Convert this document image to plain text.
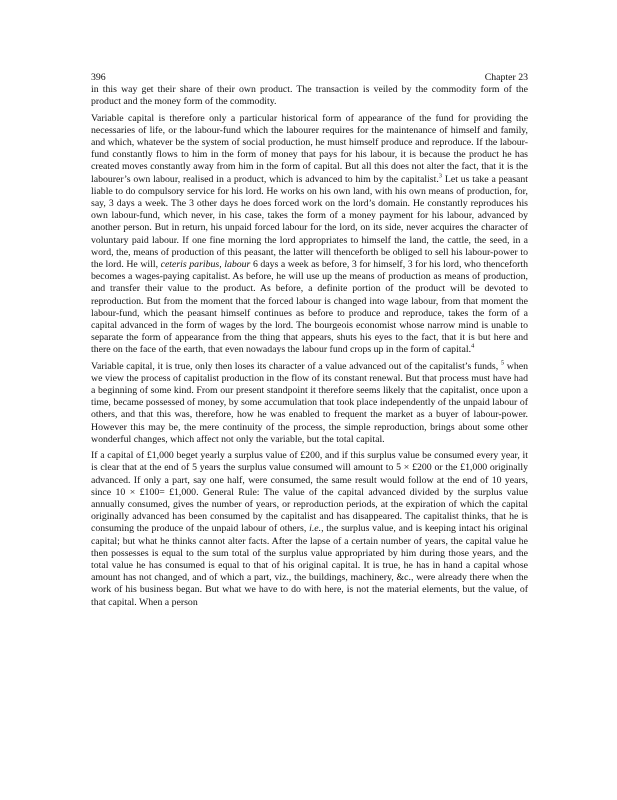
396	Chapter 23

in this way get their share of their own product. The transaction is veiled by the commodity form of the product and the money form of the commodity.

Variable capital is therefore only a particular historical form of appearance of the fund for providing the necessaries of life, or the labour-fund which the labourer requires for the maintenance of himself and family, and which, whatever be the system of social production, he must himself produce and reproduce. If the labour-fund constantly flows to him in the form of money that pays for his labour, it is because the product he has created moves constantly away from him in the form of capital. But all this does not alter the fact, that it is the labourer’s own labour, realised in a product, which is advanced to him by the capitalist.$^3$ Let us take a peasant liable to do compulsory service for his lord. He works on his own land, with his own means of production, for, say, 3 days a week. The 3 other days he does forced work on the lord’s domain. He constantly reproduces his own labour-fund, which never, in his case, takes the form of a money payment for his labour, advanced by another person. But in return, his unpaid forced labour for the lord, on its side, never acquires the character of voluntary paid labour. If one fine morning the lord appropriates to himself the land, the cattle, the seed, in a word, the, means of production of this peasant, the latter will thenceforth be obliged to sell his labour-power to the lord. He will, ceteris paribus, labour 6 days a week as before, 3 for himself, 3 for his lord, who thenceforth becomes a wages-paying capitalist. As before, he will use up the means of production as means of production, and transfer their value to the product. As before, a definite portion of the product will be devoted to reproduction. But from the moment that the forced labour is changed into wage labour, from that moment the labour-fund, which the peasant himself continues as before to produce and reproduce, takes the form of a capital advanced in the form of wages by the lord. The bourgeois economist whose narrow mind is unable to separate the form of appearance from the thing that appears, shuts his eyes to the fact, that it is but here and there on the face of the earth, that even nowadays the labour fund crops up in the form of capital.$^4$

Variable capital, it is true, only then loses its character of a value advanced out of the capitalist’s funds, $^5$ when we view the process of capitalist production in the flow of its constant renewal. But that process must have had a beginning of some kind. From our present standpoint it therefore seems likely that the capitalist, once upon a time, became possessed of money, by some accumulation that took place independently of the unpaid labour of others, and that this was, therefore, how he was enabled to frequent the market as a buyer of labour-power. However this may be, the mere continuity of the process, the simple reproduction, brings about some other wonderful changes, which affect not only the variable, but the total capital.

If a capital of £1,000 beget yearly a surplus value of £200, and if this surplus value be consumed every year, it is clear that at the end of 5 years the surplus value consumed will amount to 5 × £200 or the £1,000 originally advanced. If only a part, say one half, were consumed, the same result would follow at the end of 10 years, since 10 × £100= £1,000. General Rule: The value of the capital advanced divided by the surplus value annually consumed, gives the number of years, or reproduction periods, at the expiration of which the capital originally advanced has been consumed by the capitalist and has disappeared. The capitalist thinks, that he is consuming the produce of the unpaid labour of others, i.e., the surplus value, and is keeping intact his original capital; but what he thinks cannot alter facts. After the lapse of a certain number of years, the capital value he then possesses is equal to the sum total of the surplus value appropriated by him during those years, and the total value he has consumed is equal to that of his original capital. It is true, he has in hand a capital whose amount has not changed, and of which a part, viz., the buildings, machinery, &c., were already there when the work of his business began. But what we have to do with here, is not the material elements, but the value, of that capital. When a person
